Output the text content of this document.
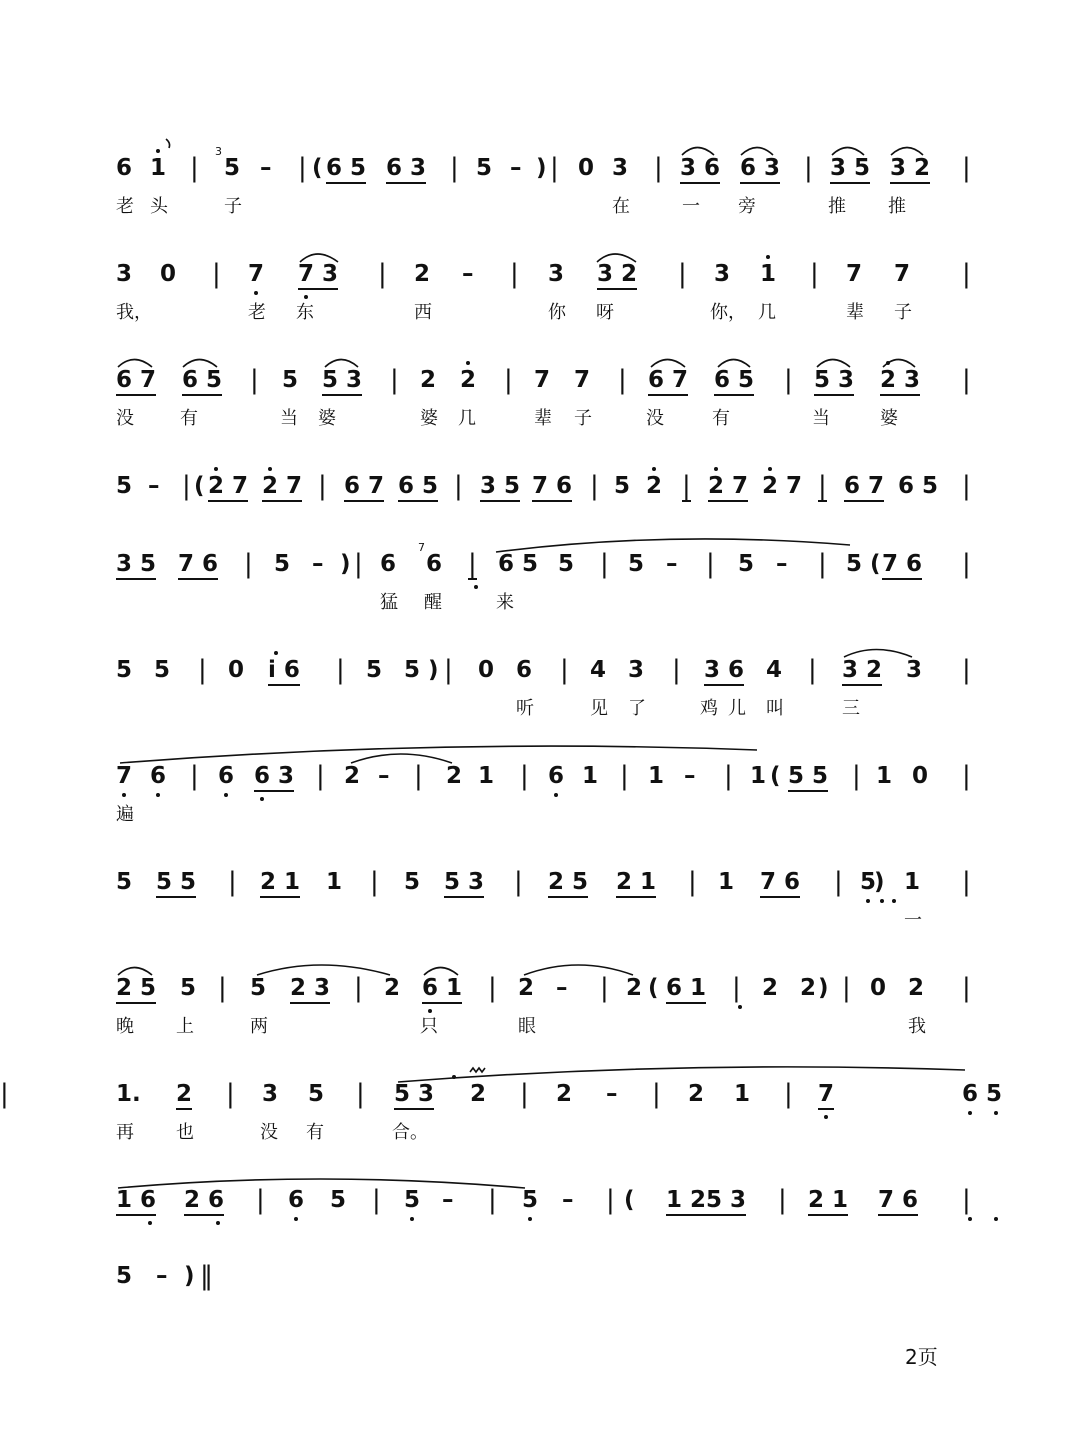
3
7
6 1 | 5 – | ( 6 5 6 3 | 5 – ) | 0 3 | 3 6 6 3 | 3 5 3 2 |
老 头	子	在	一 旁	推 推
3 0 | 7 7 3 | 2 – | 3 3 2 | 3 1 | 7 7 |
我，	老 东	西	你 呀	你， 几	辈 子
6 7 6 5 | 5 5 3 | 2 2 | 7 7 | 6 7 6 5 | 5 3 2 3 |
没	有	当 婆	婆 几	辈 子	没	有	当	婆
5 – | ( 2 7 2 7 | 6 7 6 5 | 3 5 7 6 | 5 2 | 2 7 2 7 | 6 7 6 5 |
3 5 7 6 | 5 – ) | 6 6 | 6 5 5 | 5 – | 5 – | 5 ( 7 6 |
猛 醒	来
5 5 | 0 i 6 | 5 5 ) | 0 6 | 4 3 | 3 6 4 | 3 2 3 |
听	见 了	鸡 儿 叫	三
7 6 | 6 6 3 | 2 – | 2 1 | 6 1 | 1 – | 1 ( 5 5 | 1 0 |
遍
5 5 5 | 2 1 1 | 5 5 3 | 2 5 2 1 | 1 7 6 | 5
) 1 |
一
2 5 5 | 5 2 3 | 2 6 1 | 2 – | 2 ( 6 1 | 2 2 ) | 0 2 |
晚 上	两	只	眼	我
1. 2 | 3 5 | 5 3 2 | 2 – | 2 1 | 7	6 5
|
再 也	没 有	合。
1 6 2 6 | 6 5 | 5 – | 5 – | ( 1 2 5 3 | 2 1 7 6 |
5 – ) ‖
2页
